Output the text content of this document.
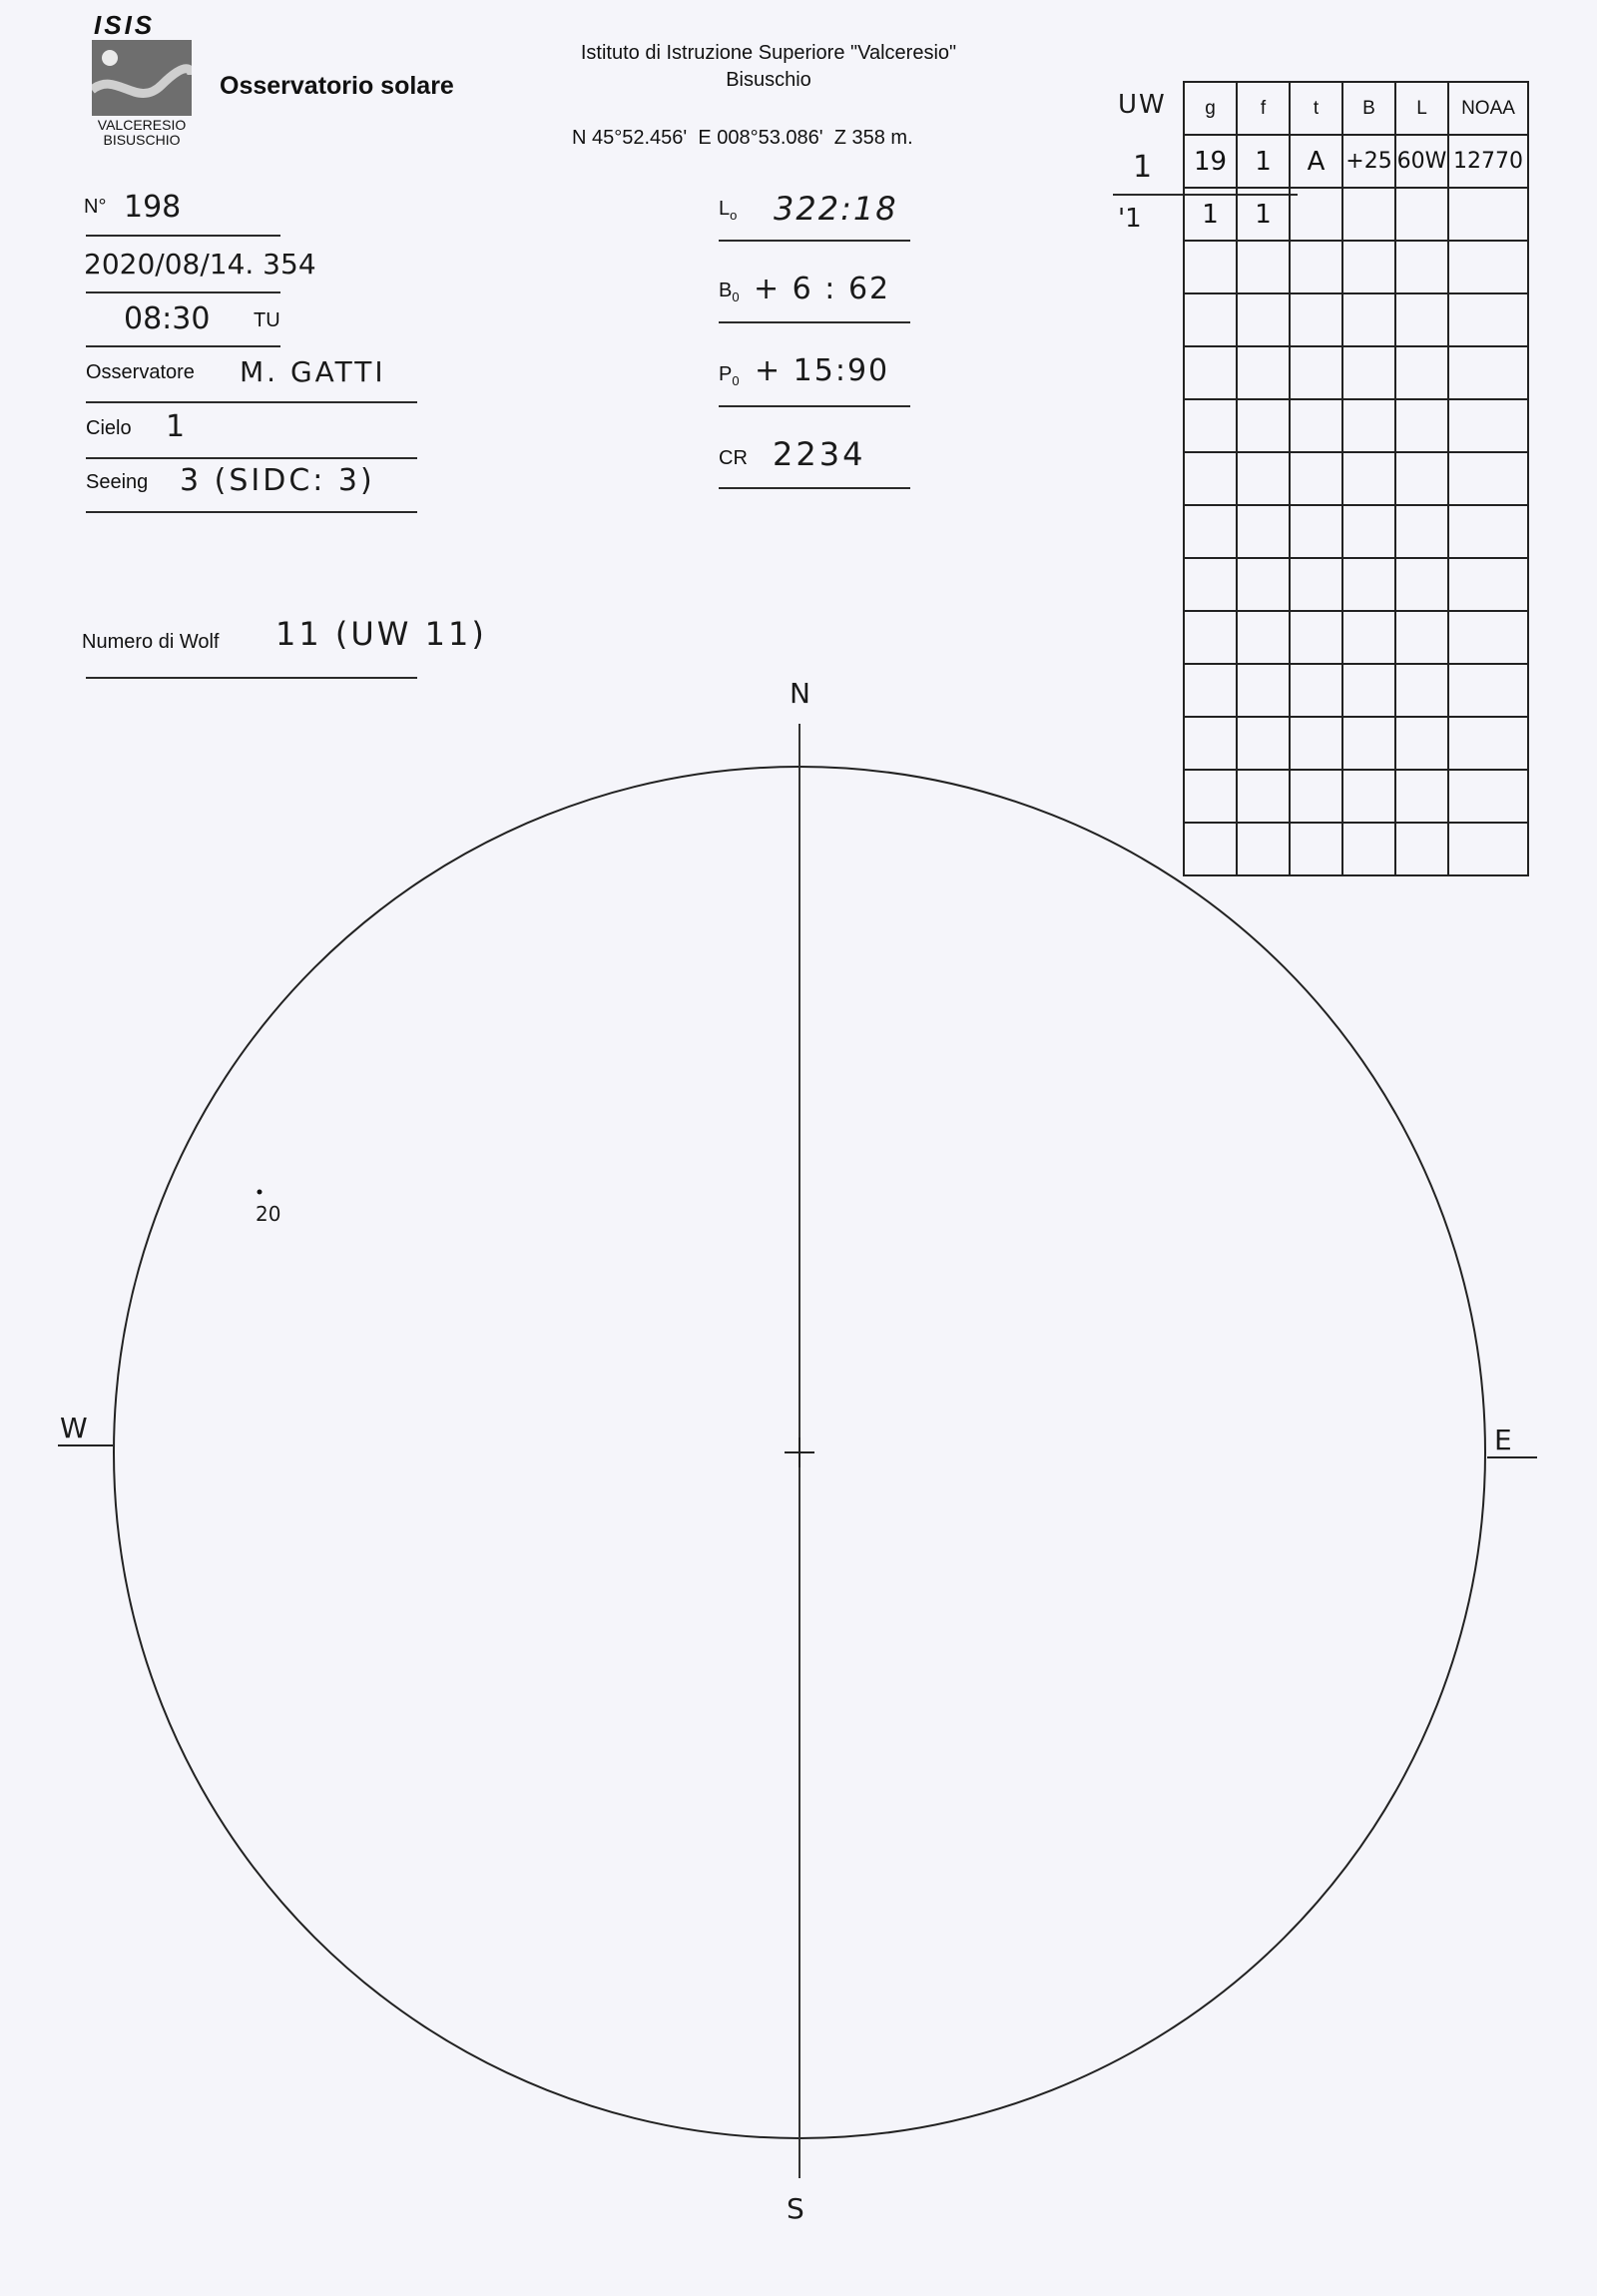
ISIS
VALCERESIO
BISUSCHIO
Osservatorio solare
Istituto di Istruzione Superiore "Valceresio"
Bisuschio
N 45°52.456'  E 008°53.086'  Z 358 m.
N° 198
2020/08/14. 354
08:30 TU
Osservatore M. GATTI
Cielo 1
Seeing 3 (SIDC: 3)
Numero di Wolf 11 (UW 11)
$L_o$ 322:18
$B_0 + 6$ : 62
$P_0$ + 15:90
CR 2234
UW
1
'1
g	f	t	B	L	NOAA
19	1	A	+25	60W	12770
1	1				

N
S
W	E
20
